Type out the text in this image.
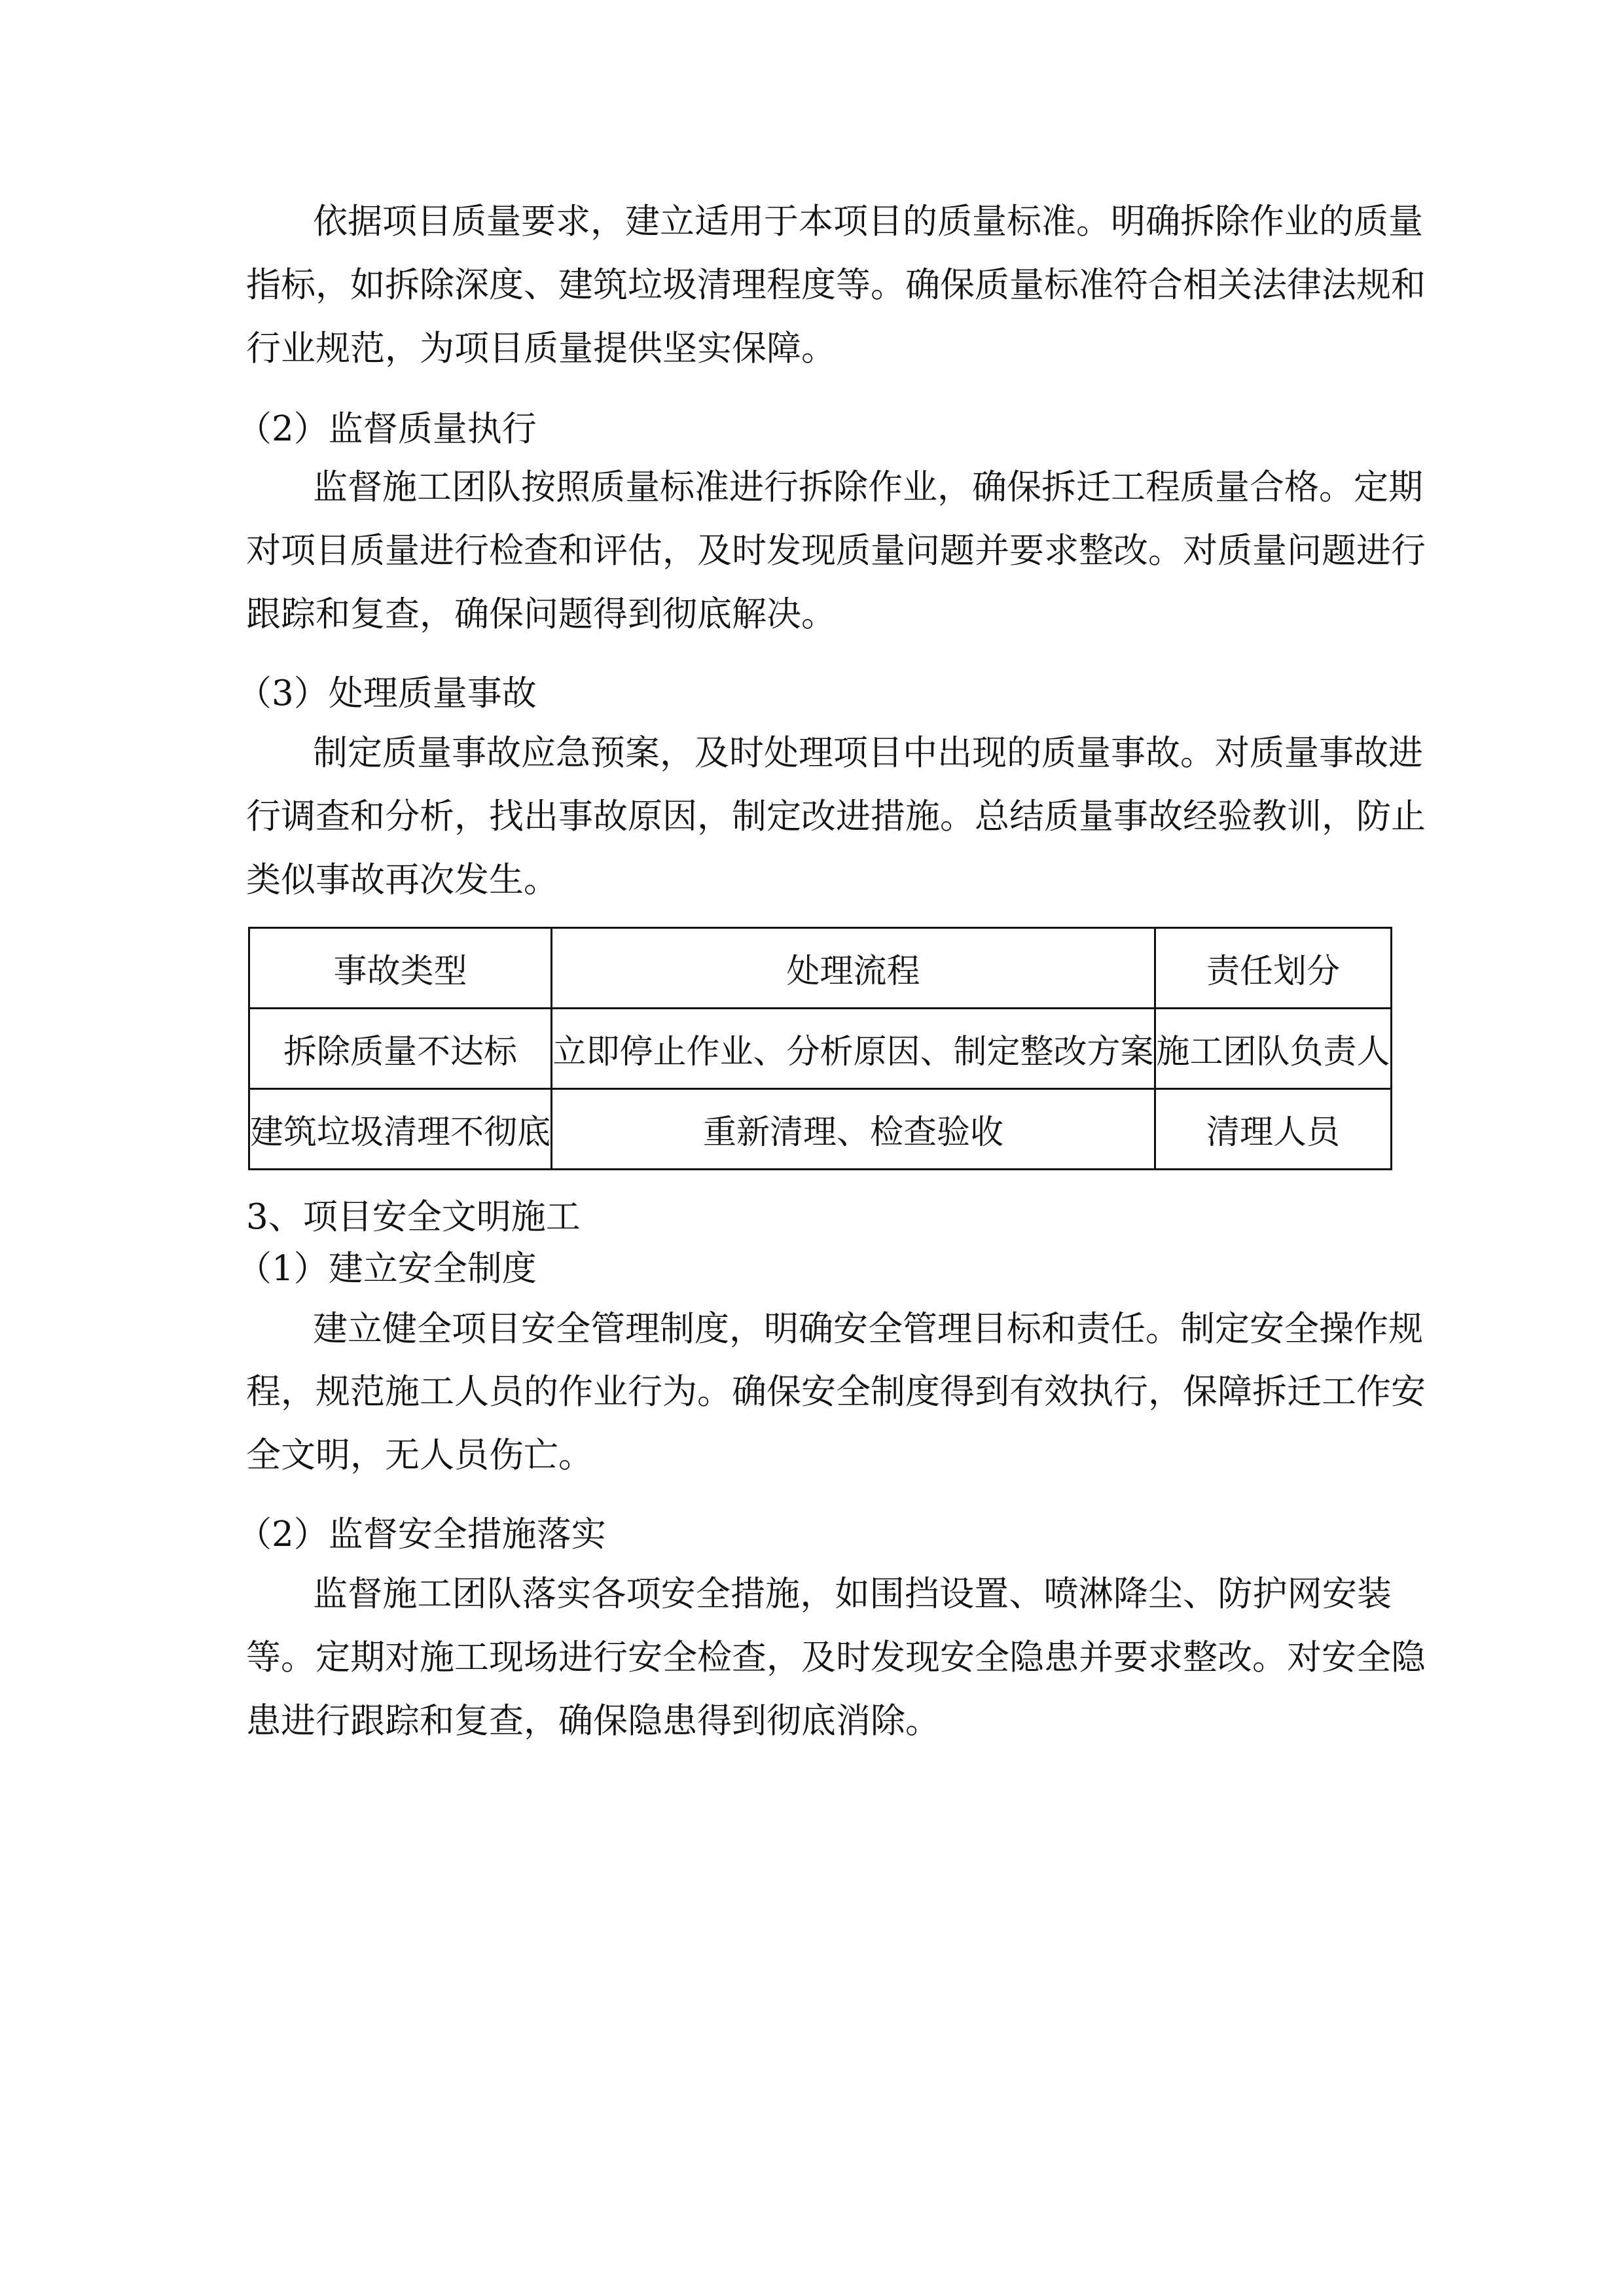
依据项目质量要求，建立适用于本项目的质量标准。明确拆除作业的质量
指标，如拆除深度、建筑垃圾清理程度等。确保质量标准符合相关法律法规和
行业规范，为项目质量提供坚实保障。
（2）监督质量执行
监督施工团队按照质量标准进行拆除作业，确保拆迁工程质量合格。定期
对项目质量进行检查和评估，及时发现质量问题并要求整改。对质量问题进行
跟踪和复查，确保问题得到彻底解决。
（3）处理质量事故
制定质量事故应急预案，及时处理项目中出现的质量事故。对质量事故进
行调查和分析，找出事故原因，制定改进措施。总结质量事故经验教训，防止
类似事故再次发生。
事故类型	处理流程	责任划分
拆除质量不达标	立即停止作业、分析原因、制定整改方案	施工团队负责人
建筑垃圾清理不彻底	重新清理、检查验收	清理人员
3、项目安全文明施工
（1）建立安全制度
建立健全项目安全管理制度，明确安全管理目标和责任。制定安全操作规
程，规范施工人员的作业行为。确保安全制度得到有效执行，保障拆迁工作安
全文明，无人员伤亡。
（2）监督安全措施落实
监督施工团队落实各项安全措施，如围挡设置、喷淋降尘、防护网安装
等。定期对施工现场进行安全检查，及时发现安全隐患并要求整改。对安全隐
患进行跟踪和复查，确保隐患得到彻底消除。
